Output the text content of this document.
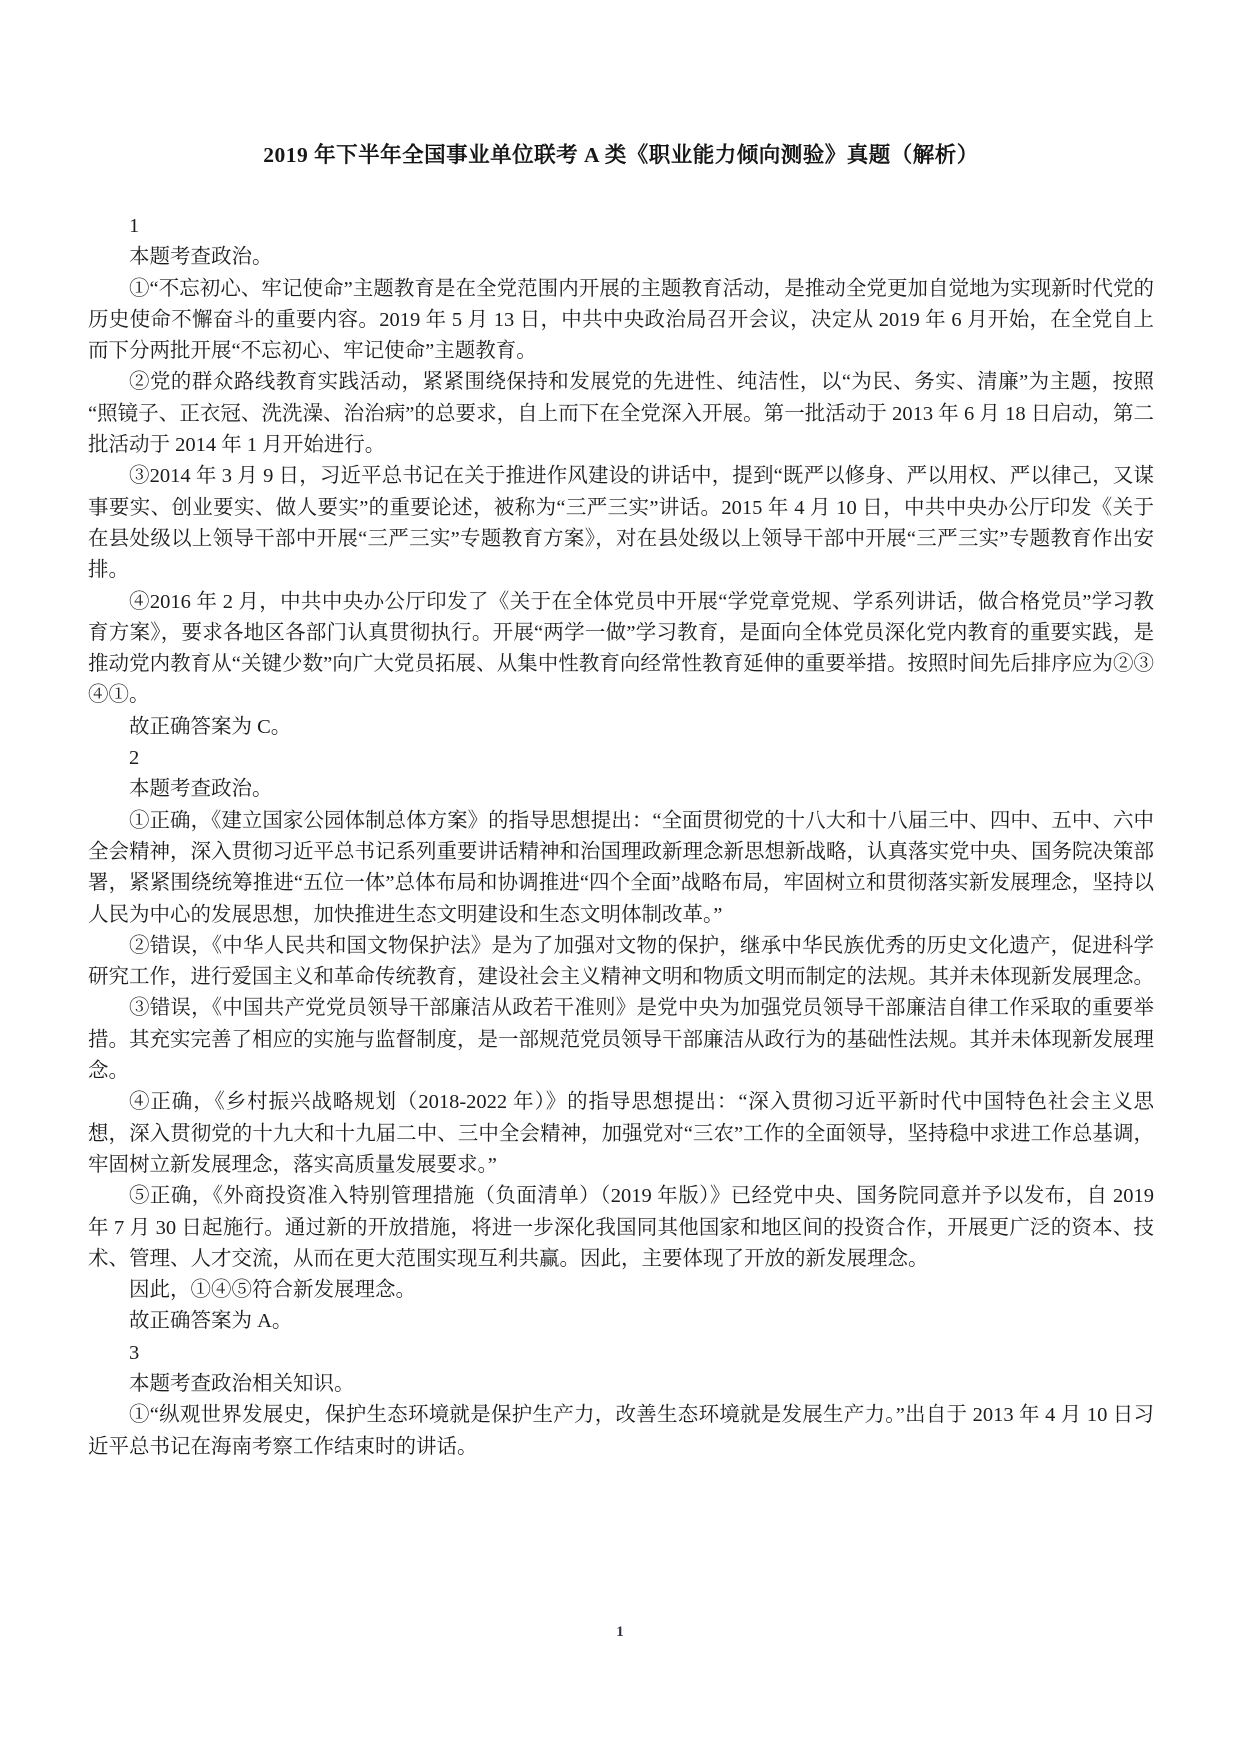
2019 年下半年全国事业单位联考 A 类《职业能力倾向测验》真题（解析）

1

本题考查政治。

①“不忘初心、牢记使命”主题教育是在全党范围内开展的主题教育活动，是推动全党更加自觉地为实现新时代党的历史使命不懈奋斗的重要内容。2019 年 5 月 13 日，中共中央政治局召开会议，决定从 2019 年 6 月开始，在全党自上而下分两批开展“不忘初心、牢记使命”主题教育。

②党的群众路线教育实践活动，紧紧围绕保持和发展党的先进性、纯洁性，以“为民、务实、清廉”为主题，按照“照镜子、正衣冠、洗洗澡、治治病”的总要求，自上而下在全党深入开展。第一批活动于 2013 年 6 月 18 日启动，第二批活动于 2014 年 1 月开始进行。

③2014 年 3 月 9 日，习近平总书记在关于推进作风建设的讲话中，提到“既严以修身、严以用权、严以律己，又谋事要实、创业要实、做人要实”的重要论述，被称为“三严三实”讲话。2015 年 4 月 10 日，中共中央办公厅印发《关于在县处级以上领导干部中开展“三严三实”专题教育方案》，对在县处级以上领导干部中开展“三严三实”专题教育作出安排。

④2016 年 2 月，中共中央办公厅印发了《关于在全体党员中开展“学党章党规、学系列讲话，做合格党员”学习教育方案》，要求各地区各部门认真贯彻执行。开展“两学一做”学习教育，是面向全体党员深化党内教育的重要实践，是推动党内教育从“关键少数”向广大党员拓展、从集中性教育向经常性教育延伸的重要举措。按照时间先后排序应为②③④①。

故正确答案为 C。

2

本题考查政治。

①正确，《建立国家公园体制总体方案》的指导思想提出：“全面贯彻党的十八大和十八届三中、四中、五中、六中全会精神，深入贯彻习近平总书记系列重要讲话精神和治国理政新理念新思想新战略，认真落实党中央、国务院决策部署，紧紧围绕统筹推进“五位一体”总体布局和协调推进“四个全面”战略布局，牢固树立和贯彻落实新发展理念，坚持以人民为中心的发展思想，加快推进生态文明建设和生态文明体制改革。”

②错误，《中华人民共和国文物保护法》是为了加强对文物的保护，继承中华民族优秀的历史文化遗产，促进科学研究工作，进行爱国主义和革命传统教育，建设社会主义精神文明和物质文明而制定的法规。其并未体现新发展理念。

③错误，《中国共产党党员领导干部廉洁从政若干准则》是党中央为加强党员领导干部廉洁自律工作采取的重要举措。其充实完善了相应的实施与监督制度，是一部规范党员领导干部廉洁从政行为的基础性法规。其并未体现新发展理念。

④正确，《乡村振兴战略规划（2018-2022 年）》的指导思想提出：“深入贯彻习近平新时代中国特色社会主义思想，深入贯彻党的十九大和十九届二中、三中全会精神，加强党对“三农”工作的全面领导，坚持稳中求进工作总基调，牢固树立新发展理念，落实高质量发展要求。”

⑤正确，《外商投资准入特别管理措施（负面清单）（2019 年版）》已经党中央、国务院同意并予以发布，自 2019 年 7 月 30 日起施行。通过新的开放措施，将进一步深化我国同其他国家和地区间的投资合作，开展更广泛的资本、技术、管理、人才交流，从而在更大范围实现互利共赢。因此，主要体现了开放的新发展理念。

因此，①④⑤符合新发展理念。

故正确答案为 A。

3

本题考查政治相关知识。

①“纵观世界发展史，保护生态环境就是保护生产力，改善生态环境就是发展生产力。”出自于 2013 年 4 月 10 日习近平总书记在海南考察工作结束时的讲话。

1
